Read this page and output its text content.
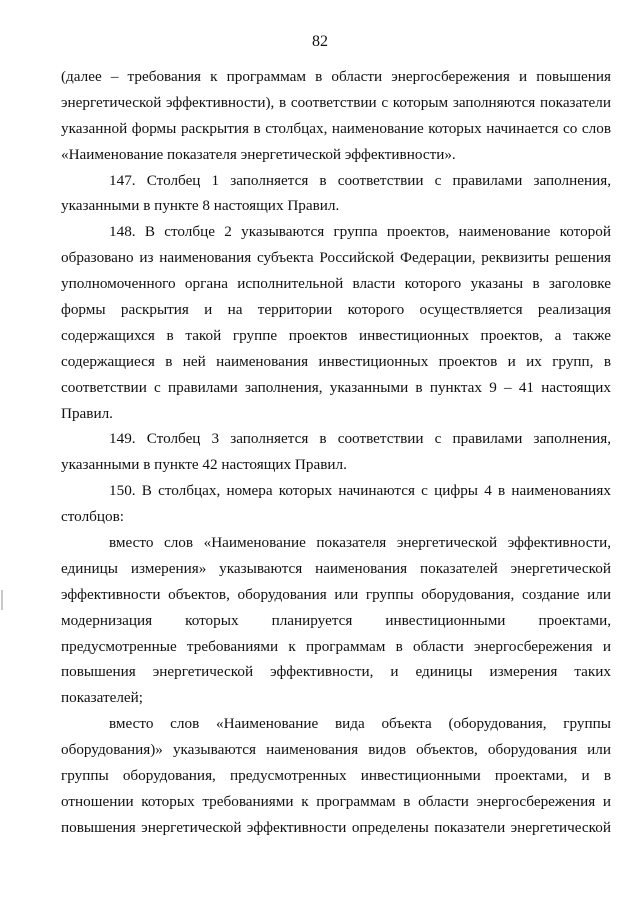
82
(далее – требования к программам в области энергосбережения и повышения
энергетической эффективности), в соответствии с которым заполняются показатели
указанной формы раскрытия в столбцах, наименование которых начинается со слов
«Наименование показателя энергетической эффективности».
147. Столбец 1 заполняется в соответствии с правилами заполнения,
указанными в пункте 8 настоящих Правил.
148. В столбце 2 указываются группа проектов, наименование которой
образовано из наименования субъекта Российской Федерации, реквизиты решения
уполномоченного органа исполнительной власти которого указаны в заголовке
формы раскрытия и на территории которого осуществляется реализация
содержащихся в такой группе проектов инвестиционных проектов, а также
содержащиеся в ней наименования инвестиционных проектов и их групп, в
соответствии с правилами заполнения, указанными в пунктах 9 – 41 настоящих
Правил.
149. Столбец 3 заполняется в соответствии с правилами заполнения,
указанными в пункте 42 настоящих Правил.
150. В столбцах, номера которых начинаются с цифры 4 в наименованиях
столбцов:
вместо слов «Наименование показателя энергетической эффективности,
единицы измерения» указываются наименования показателей энергетической
эффективности объектов, оборудования или группы оборудования, создание или
модернизация которых планируется инвестиционными проектами,
предусмотренные требованиями к программам в области энергосбережения и
повышения энергетической эффективности, и единицы измерения таких
показателей;
вместо слов «Наименование вида объекта (оборудования, группы
оборудования)» указываются наименования видов объектов, оборудования или
группы оборудования, предусмотренных инвестиционными проектами, и в
отношении которых требованиями к программам в области энергосбережения и
повышения энергетической эффективности определены показатели энергетической
